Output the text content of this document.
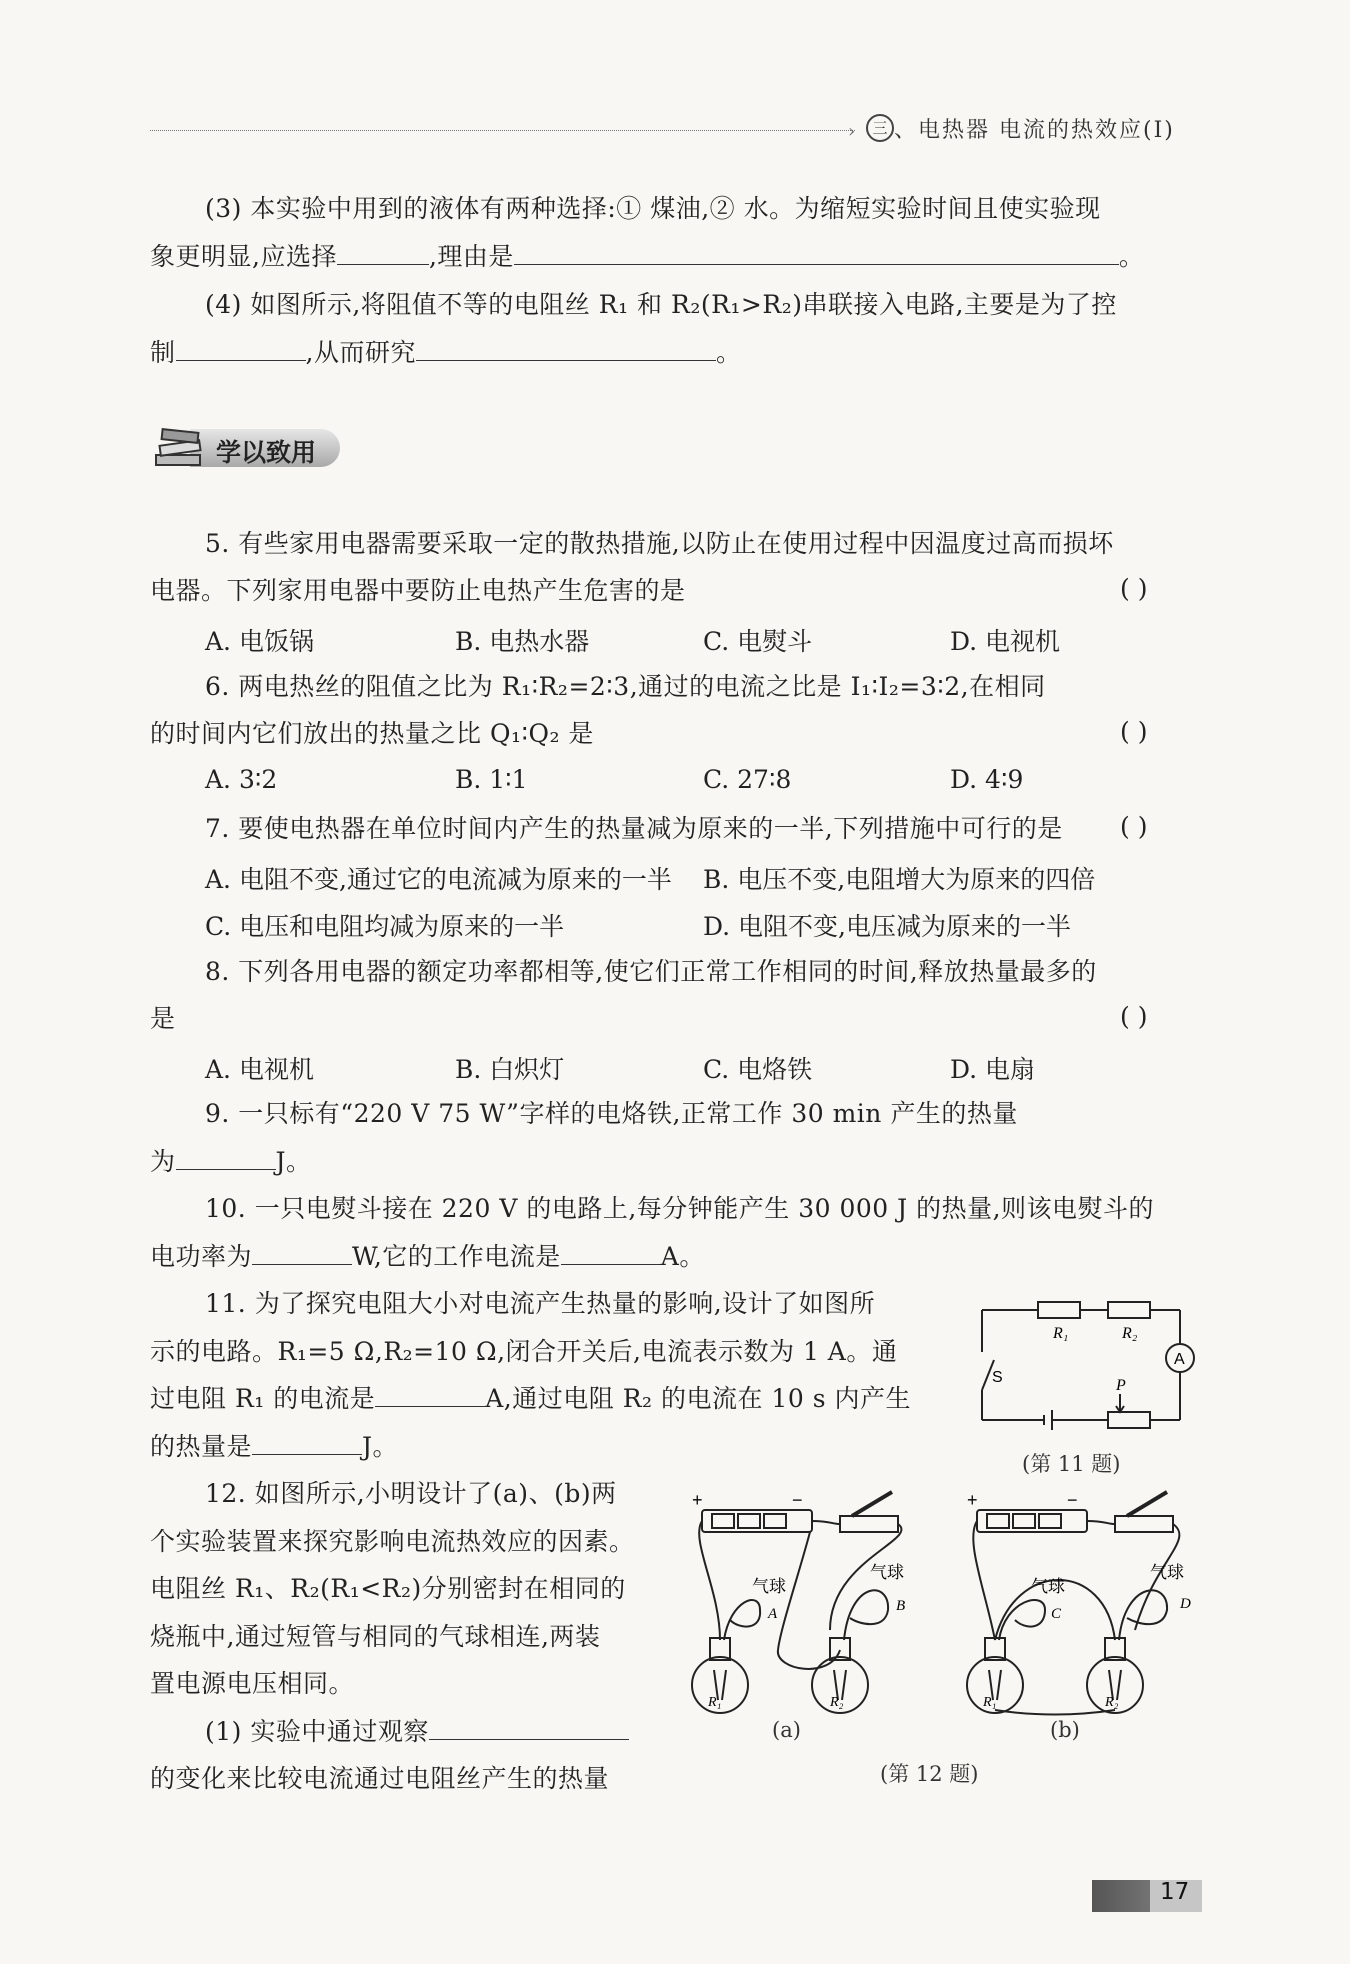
›	三 、电热器 电流的热效应(Ⅰ)
(3) 本实验中用到的液体有两种选择:① 煤油,② 水。为缩短实验时间且使实验现
象更明显,应选择	,理由是	。
(4) 如图所示,将阻值不等的电阻丝 R₁ 和 R₂(R₁>R₂)串联接入电路,主要是为了控
制	,从而研究	。
学以致用
5. 有些家用电器需要采取一定的散热措施,以防止在使用过程中因温度过高而损坏
电器。下列家用电器中要防止电热产生危害的是	( )
A. 电饭锅	B. 电热水器	C. 电熨斗	D. 电视机
6. 两电热丝的阻值之比为 R₁∶R₂=2∶3,通过的电流之比是 I₁∶I₂=3∶2,在相同
的时间内它们放出的热量之比 Q₁∶Q₂ 是	( )
A. 3∶2	B. 1∶1	C. 27∶8	D. 4∶9
7. 要使电热器在单位时间内产生的热量减为原来的一半,下列措施中可行的是 ( )
A. 电阻不变,通过它的电流减为原来的一半 B. 电压不变,电阻增大为原来的四倍
C. 电压和电阻均减为原来的一半	D. 电阻不变,电压减为原来的一半
8. 下列各用电器的额定功率都相等,使它们正常工作相同的时间,释放热量最多的
是	( )
A. 电视机	B. 白炽灯	C. 电烙铁	D. 电扇
9. 一只标有“220 V 75 W”字样的电烙铁,正常工作 30 min 产生的热量
为	J。
10. 一只电熨斗接在 220 V 的电路上,每分钟能产生 30 000 J 的热量,则该电熨斗的
电功率为	W,它的工作电流是	A。
11. 为了探究电阻大小对电流产生热量的影响,设计了如图所
示的电路。R₁=5 Ω,R₂=10 Ω,闭合开关后,电流表示数为 1 A。通
过电阻 R₁ 的电流是	A,通过电阻 R₂ 的电流在 10 s 内产生
的热量是	J。
R₁	R₂
A
S	P
(第 11 题)
12. 如图所示,小明设计了(a)、(b)两
个实验装置来探究影响电流热效应的因素。
电阻丝 R₁、R₂(R₁<R₂)分别密封在相同的
烧瓶中,通过短管与相同的气球相连,两装
置电源电压相同。
(1) 实验中通过观察
的变化来比较电流通过电阻丝产生的热量
+	−
气球
气球
A	B
R₁	R₂
(a)
+	−
气球
气球
C
D
R₁	R₂
(b)
(第 12 题)
17
